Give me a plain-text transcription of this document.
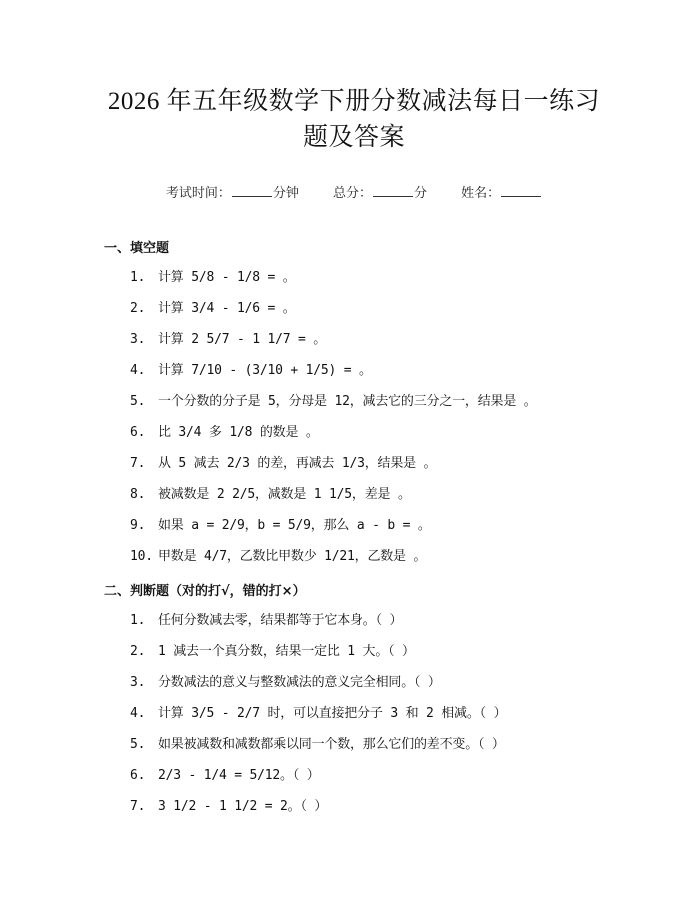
2026 年五年级数学下册分数减法每日一练习题及答案
考试时间：	分钟	总分：	分	姓名：
一、填空题
1. 计算 5/8 - 1/8 = 。
2. 计算 3/4 - 1/6 = 。
3. 计算 2 5/7 - 1 1/7 = 。
4. 计算 7/10 - (3/10 + 1/5) = 。
5. 一个分数的分子是 5，分母是 12，减去它的三分之一，结果是 。
6. 比 3/4 多 1/8 的数是 。
7. 从 5 减去 2/3 的差，再减去 1/3，结果是 。
8. 被减数是 2 2/5，减数是 1 1/5，差是 。
9. 如果 a = 2/9，b = 5/9，那么 a - b = 。
10. 甲数是 4/7，乙数比甲数少 1/21，乙数是 。
二、判断题（对的打√，错的打×）
1. 任何分数减去零，结果都等于它本身。（ ）
2. 1 减去一个真分数，结果一定比 1 大。（ ）
3. 分数减法的意义与整数减法的意义完全相同。（ ）
4. 计算 3/5 - 2/7 时，可以直接把分子 3 和 2 相减。（ ）
5. 如果被减数和减数都乘以同一个数，那么它们的差不变。（ ）
6. 2/3 - 1/4 = 5/12。（ ）
7. 3 1/2 - 1 1/2 = 2。（ ）
